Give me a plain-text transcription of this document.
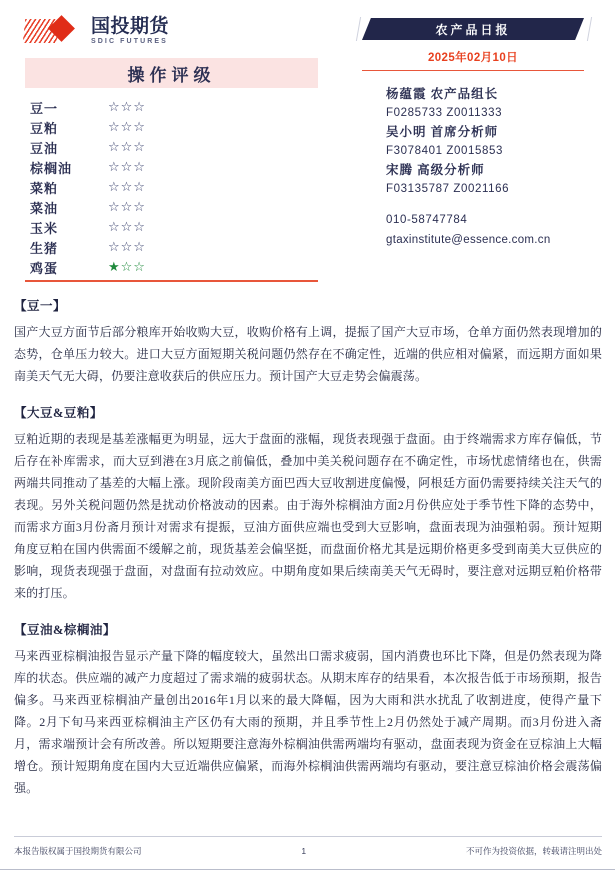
国投期货
SDIC FUTURES
操作评级
豆一	☆☆☆
豆粕	☆☆☆
豆油	☆☆☆
棕榈油	☆☆☆
菜粕	☆☆☆
菜油	☆☆☆
玉米	☆☆☆
生猪	☆☆☆
鸡蛋	★☆☆
农产品日报
2025年02月10日
杨蕴霞 农产品组长
F0285733 Z0011333
吴小明 首席分析师
F3078401 Z0015853
宋腾 高级分析师
F03135787 Z0021166
010-58747784
gtaxinstitute@essence.com.cn
【豆一】
国产大豆方面节后部分粮库开始收购大豆，收购价格有上调，提振了国产大豆市场，仓单方面仍然表现增加的态势，仓单压力较大。进口大豆方面短期关税问题仍然存在不确定性，近端的供应相对偏紧，而远期方面如果南美天气无大碍，仍要注意收获后的供应压力。预计国产大豆走势会偏震荡。
【大豆&豆粕】
豆粕近期的表现是基差涨幅更为明显，远大于盘面的涨幅，现货表现强于盘面。由于终端需求方库存偏低，节后存在补库需求，而大豆到港在3月底之前偏低，叠加中美关税问题存在不确定性，市场忧虑情绪也在，供需两端共同推动了基差的大幅上涨。现阶段南美方面巴西大豆收割进度偏慢，阿根廷方面仍需要持续关注天气的表现。另外关税问题仍然是扰动价格波动的因素。由于海外棕榈油方面2月份供应处于季节性下降的态势中，而需求方面3月份斋月预计对需求有提振，豆油方面供应端也受到大豆影响，盘面表现为油强粕弱。预计短期角度豆粕在国内供需面不缓解之前，现货基差会偏坚挺，而盘面价格尤其是远期价格更多受到南美大豆供应的影响，现货表现强于盘面，对盘面有拉动效应。中期角度如果后续南美天气无碍时，要注意对远期豆粕价格带来的打压。
【豆油&棕榈油】
马来西亚棕榈油报告显示产量下降的幅度较大，虽然出口需求疲弱，国内消费也环比下降，但是仍然表现为降库的状态。供应端的减产力度超过了需求端的疲弱状态。从期末库存的结果看，本次报告低于市场预期，报告偏多。马来西亚棕榈油产量创出2016年1月以来的最大降幅，因为大雨和洪水扰乱了收割进度，使得产量下降。2月下旬马来西亚棕榈油主产区仍有大雨的预期，并且季节性上2月仍然处于减产周期。而3月份进入斋月，需求端预计会有所改善。所以短期要注意海外棕榈油供需两端均有驱动，盘面表现为资金在豆棕油上大幅增仓。预计短期角度在国内大豆近端供应偏紧，而海外棕榈油供需两端均有驱动，要注意豆棕油价格会震荡偏强。
本报告版权属于国投期货有限公司	1	不可作为投资依据，转载请注明出处
